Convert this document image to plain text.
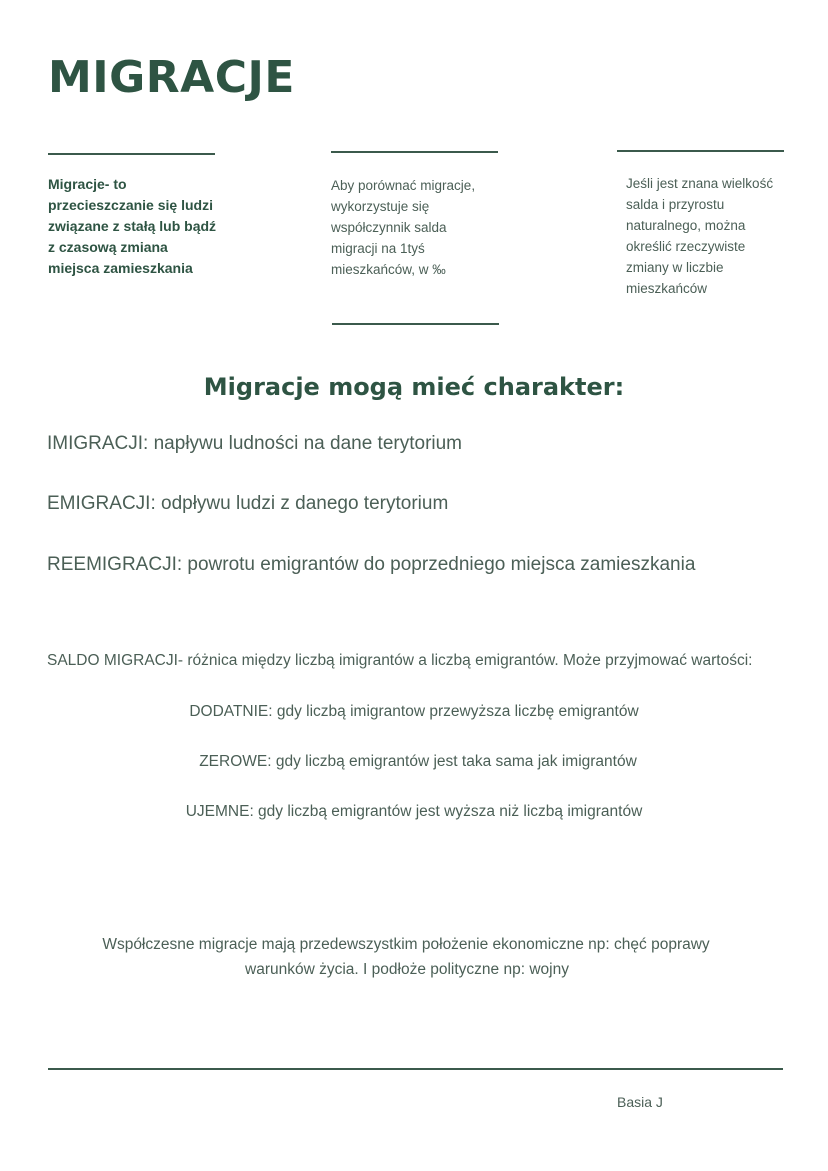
MIGRACJE
Migracje- to przecieszczanie się ludzi związane z stałą lub bądź z czasową zmiana miejsca zamieszkania
Aby porównać migracje, wykorzystuje się współczynnik salda migracji na 1tyś mieszkańców, w ‰
Jeśli jest znana wielkość salda i przyrostu naturalnego, można określić rzeczywiste zmiany w liczbie mieszkańców
Migracje mogą mieć charakter:
IMIGRACJI: napływu ludności na dane terytorium
EMIGRACJI: odpływu ludzi z danego terytorium
REEMIGRACJI: powrotu emigrantów do poprzedniego miejsca zamieszkania
SALDO MIGRACJI- różnica między liczbą imigrantów a liczbą emigrantów. Może przyjmować wartości:
DODATNIE: gdy liczbą imigrantow przewyższa liczbę emigrantów
ZEROWE: gdy liczbą emigrantów jest taka sama jak imigrantów
UJEMNE: gdy liczbą emigrantów jest wyższa niż liczbą imigrantów
Współczesne migracje mają przedewszystkim położenie ekonomiczne np: chęć poprawy
warunków życia. I podłoże polityczne np: wojny
Basia J
